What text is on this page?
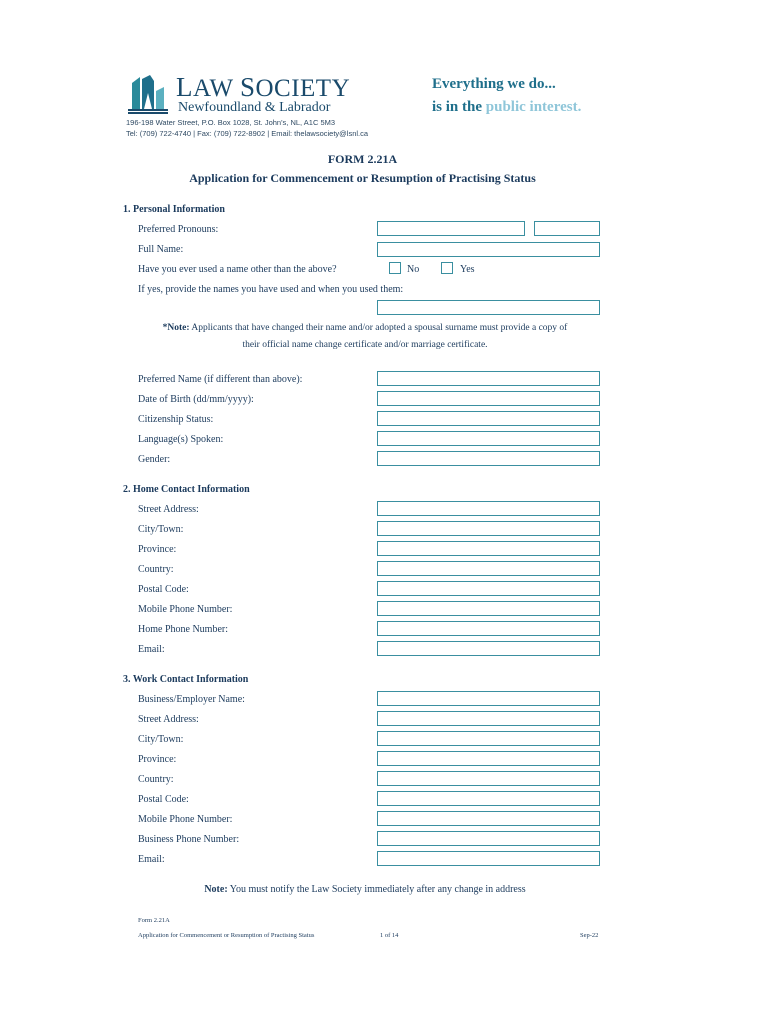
LAW SOCIETY
Newfoundland & Labrador
196-198 Water Street, P.O. Box 1028, St. John's, NL, A1C 5M3
Tel: (709) 722-4740 | Fax: (709) 722-8902 | Email: thelawsociety@lsnl.ca
Everything we do...
is in the public interest.
FORM 2.21A
Application for Commencement or Resumption of Practising Status
1. Personal Information
Preferred Pronouns:
Full Name:
Have you ever used a name other than the above?	No	Yes
If yes, provide the names you have used and when you used them:
*Note: Applicants that have changed their name and/or adopted a spousal surname must provide a copy of
their official name change certificate and/or marriage certificate.
Preferred Name (if different than above):
Date of Birth (dd/mm/yyyy):
Citizenship Status:
Language(s) Spoken:
Gender:
2. Home Contact Information
Street Address:
City/Town:
Province:
Country:
Postal Code:
Mobile Phone Number:
Home Phone Number:
Email:
3. Work Contact Information
Business/Employer Name:
Street Address:
City/Town:
Province:
Country:
Postal Code:
Mobile Phone Number:
Business Phone Number:
Email:
Note: You must notify the Law Society immediately after any change in address
Form 2.21A
Application for Commencement or Resumption of Practising Status	1 of 14	Sep-22
